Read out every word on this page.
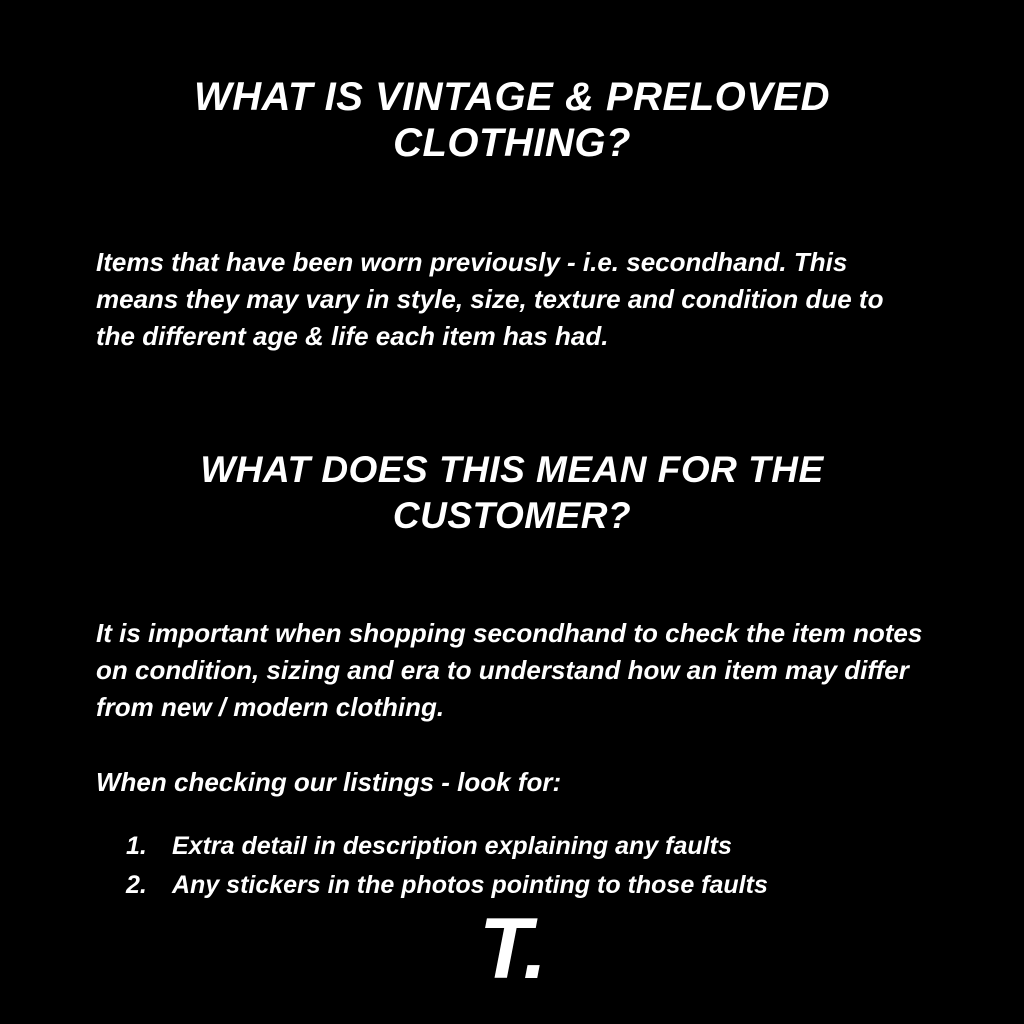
WHAT IS VINTAGE & PRELOVED CLOTHING?

Items that have been worn previously - i.e. secondhand. This means they may vary in style, size, texture and condition due to the different age & life each item has had.

WHAT DOES THIS MEAN FOR THE CUSTOMER?

It is important when shopping secondhand to check the item notes on condition, sizing and era to understand how an item may differ from new / modern clothing.

When checking our listings - look for:

Extra detail in description explaining any faults
Any stickers in the photos pointing to those faults
T.
